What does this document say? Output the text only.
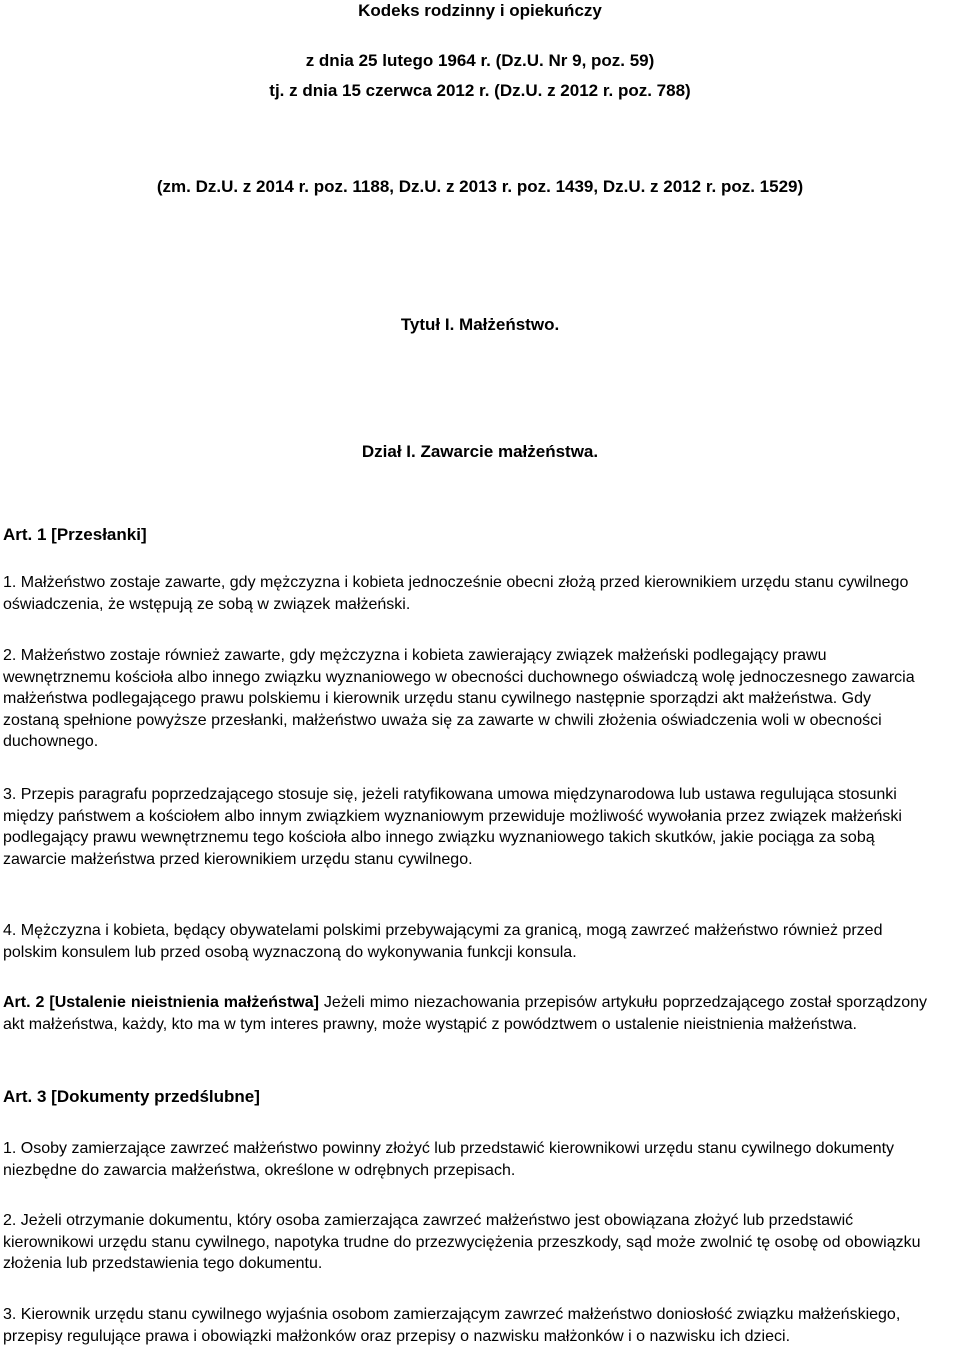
Kodeks rodzinny i opiekuńczy
z dnia 25 lutego 1964 r. (Dz.U. Nr 9, poz. 59)
tj. z dnia 15 czerwca 2012 r. (Dz.U. z 2012 r. poz. 788)
(zm. Dz.U. z 2014 r. poz. 1188, Dz.U. z 2013 r. poz. 1439, Dz.U. z 2012 r. poz. 1529)
Tytuł I. Małżeństwo.
Dział I. Zawarcie małżeństwa.
Art. 1 [Przesłanki]

1. Małżeństwo zostaje zawarte, gdy mężczyzna i kobieta jednocześnie obecni złożą przed kierownikiem urzędu stanu cywilnego oświadczenia, że wstępują ze sobą w związek małżeński.

2. Małżeństwo zostaje również zawarte, gdy mężczyzna i kobieta zawierający związek małżeński podlegający prawu wewnętrznemu kościoła albo innego związku wyznaniowego w obecności duchownego oświadczą wolę jednoczesnego zawarcia małżeństwa podlegającego prawu polskiemu i kierownik urzędu stanu cywilnego następnie sporządzi akt małżeństwa. Gdy zostaną spełnione powyższe przesłanki, małżeństwo uważa się za zawarte w chwili złożenia oświadczenia woli w obecności duchownego.

3. Przepis paragrafu poprzedzającego stosuje się, jeżeli ratyfikowana umowa międzynarodowa lub ustawa regulująca stosunki między państwem a kościołem albo innym związkiem wyznaniowym przewiduje możliwość wywołania przez związek małżeński podlegający prawu wewnętrznemu tego kościoła albo innego związku wyznaniowego takich skutków, jakie pociąga za sobą zawarcie małżeństwa przed kierownikiem urzędu stanu cywilnego.

4. Mężczyzna i kobieta, będący obywatelami polskimi przebywającymi za granicą, mogą zawrzeć małżeństwo również przed polskim konsulem lub przed osobą wyznaczoną do wykonywania funkcji konsula.

Art. 2 [Ustalenie nieistnienia małżeństwa] Jeżeli mimo niezachowania przepisów artykułu poprzedzającego został sporządzony akt małżeństwa, każdy, kto ma w tym interes prawny, może wystąpić z powództwem o ustalenie nieistnienia małżeństwa.

Art. 3 [Dokumenty przedślubne]

1. Osoby zamierzające zawrzeć małżeństwo powinny złożyć lub przedstawić kierownikowi urzędu stanu cywilnego dokumenty niezbędne do zawarcia małżeństwa, określone w odrębnych przepisach.

2. Jeżeli otrzymanie dokumentu, który osoba zamierzająca zawrzeć małżeństwo jest obowiązana złożyć lub przedstawić kierownikowi urzędu stanu cywilnego, napotyka trudne do przezwyciężenia przeszkody, sąd może zwolnić tę osobę od obowiązku złożenia lub przedstawienia tego dokumentu.

3. Kierownik urzędu stanu cywilnego wyjaśnia osobom zamierzającym zawrzeć małżeństwo doniosłość związku małżeńskiego, przepisy regulujące prawa i obowiązki małżonków oraz przepisy o nazwisku małżonków i o nazwisku ich dzieci.
